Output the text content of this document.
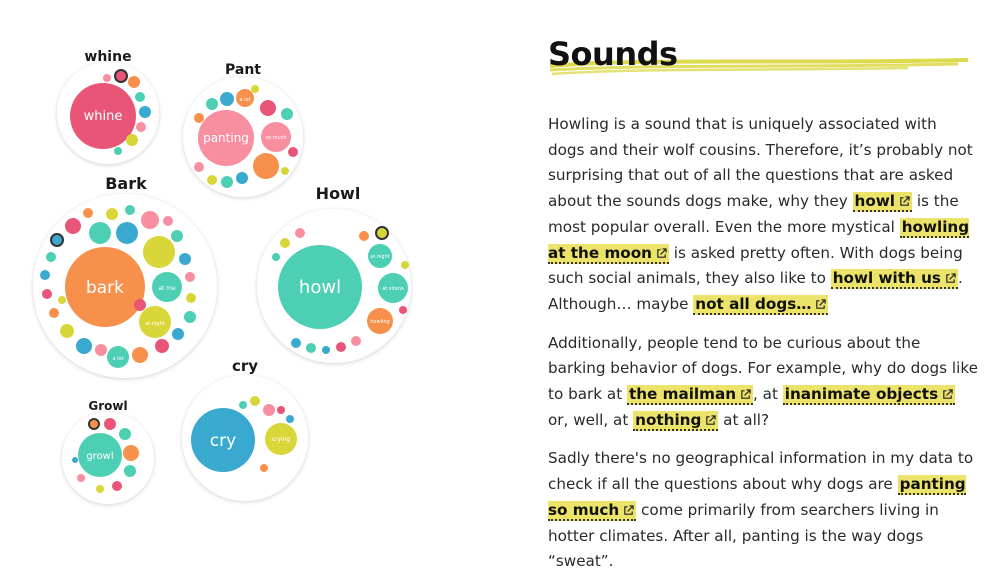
whine
whine
Pant
panting
a lot
so much
Bark
bark	at me
at night
a lot
Howl
howl
at night
at sirens
howling
Growl
growl
cry
cry	crying
Sounds

Howling is a sound that is uniquely associated with dogs and their wolf cousins. Therefore, it’s probably not surprising that out of all the questions that are asked about the sounds dogs make, why they howl is the most popular overall. Even the more mystical howling at the moon is asked pretty often. With dogs being such social animals, they also like to howl with us . Although… maybe not all dogs…

Additionally, people tend to be curious about the barking behavior of dogs. For example, why do dogs like to bark at the mailman , at inanimate objects or, well, at nothing at all?

Sadly there's no geographical information in my data to check if all the questions about why dogs are panting so much come primarily from searchers living in hotter climates. After all, panting is the way dogs “sweat”.
